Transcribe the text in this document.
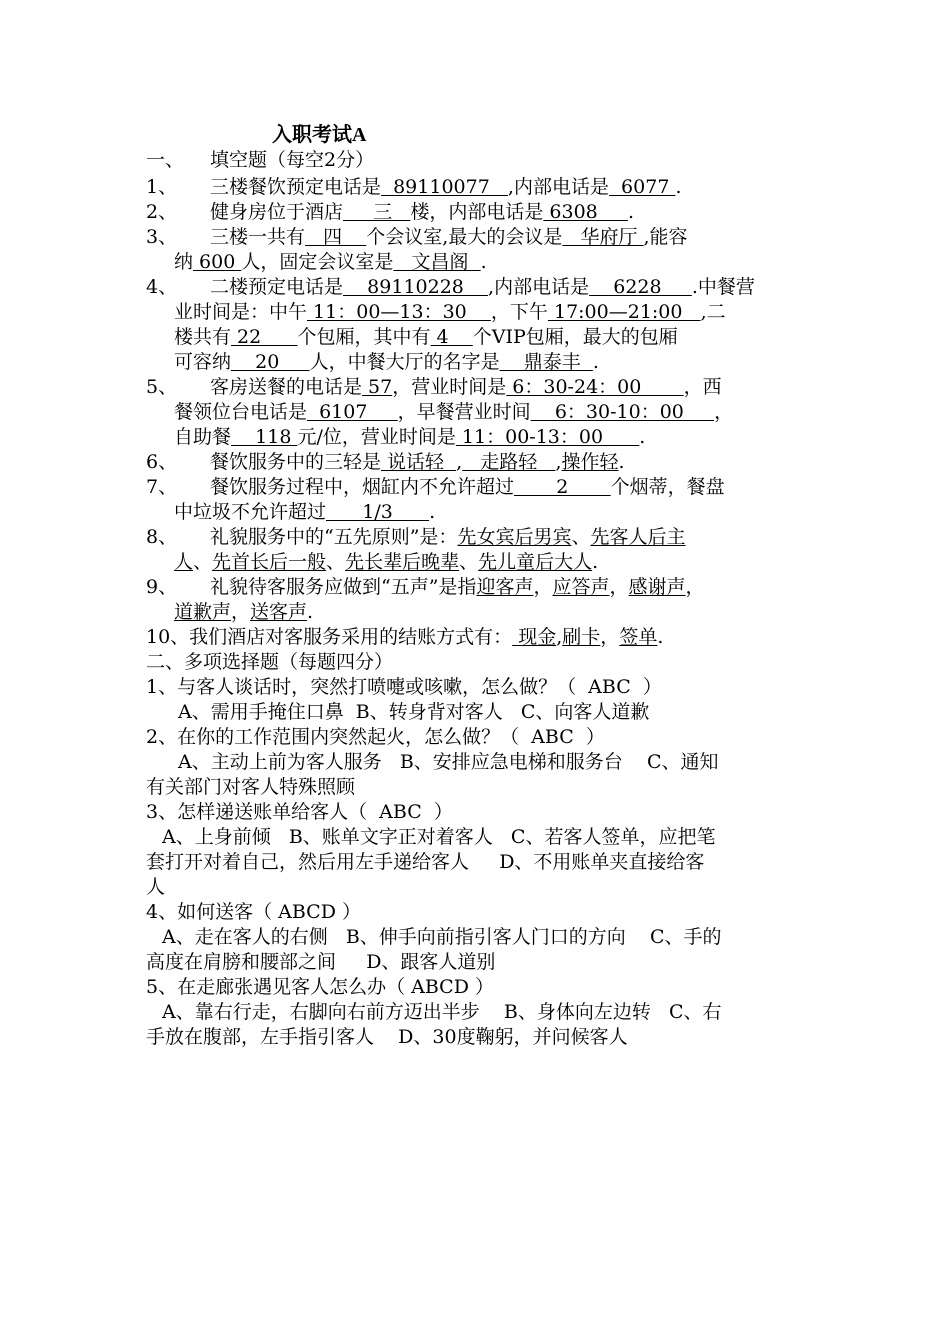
入职考试A
一、 填空题（每空2分）
1、 三楼餐饮预定电话是  89110077   ,内部电话是  6077 .
2、 健身房位于酒店     三   楼，内部电话是 6308     .
3、 三楼一共有   四    个会议室,最大的会议是   华府厅 ,能容
纳 600 人，固定会议室是   文昌阁  .
4、 二楼预定电话是    89110228    ,内部电话是    6228     .中餐营
业时间是：中午 11：00—13：30    ，下午 17:00—21:00   ,二
楼共有 22      个包厢，其中有 4    个VIP包厢，最大的包厢
可容纳    20     人，中餐大厅的名字是    鼎泰丰  .
5、 客房送餐的电话是 57，营业时间是 6：30-24：00       ，西
餐领位台电话是  6107     ，早餐营业时间    6：30-10：00     ，
自助餐    118 元/位，营业时间是 11：00-13：00      .
6、 餐饮服务中的三轻是 说话轻  ,   走路轻   ,操作轻.
7、 餐饮服务过程中，烟缸内不允许超过       2       个烟蒂，餐盘
中垃圾不允许超过      1/3      .
8、 礼貌服务中的“五先原则”是：先女宾后男宾、先客人后主
人、先首长后一般、先长辈后晚辈、先儿童后大人.
9、 礼貌待客服务应做到“五声”是指迎客声，应答声，感谢声，
道歉声，送客声.
10、我们酒店对客服务采用的结账方式有： 现金,刷卡，签单.
二、多项选择题（每题四分）
1、与客人谈话时，突然打喷嚏或咳嗽，怎么做？（  ABC  ）
A、需用手掩住口鼻  B、转身背对客人   C、向客人道歉
2、在你的工作范围内突然起火，怎么做？（  ABC  ）
A、主动上前为客人服务   B、安排应急电梯和服务台    C、通知
有关部门对客人特殊照顾
3、怎样递送账单给客人（  ABC  ）
A、上身前倾   B、账单文字正对着客人   C、若客人签单，应把笔
套打开对着自己，然后用左手递给客人     D、不用账单夹直接给客
人
4、如何送客（ ABCD ）
A、走在客人的右侧   B、伸手向前指引客人门口的方向    C、手的
高度在肩膀和腰部之间     D、跟客人道别
5、在走廊张遇见客人怎么办（ ABCD ）
A、靠右行走，右脚向右前方迈出半步    B、身体向左边转   C、右
手放在腹部，左手指引客人    D、30度鞠躬，并问候客人
